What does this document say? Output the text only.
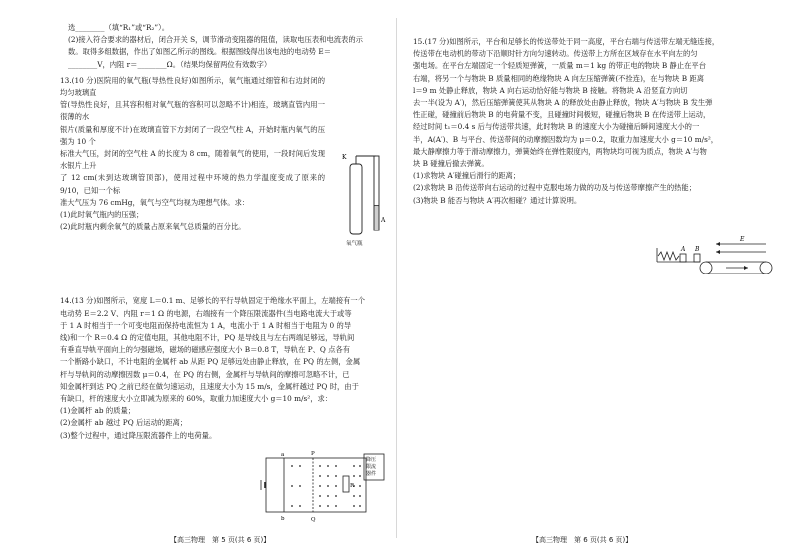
选________（填“R₁”或“R₂”）。

(2)接入符合要求的器材后，闭合开关 S，调节滑动变阻器的阻值，读取电压表和电流表的示

数。取得多组数据，作出了如图乙所示的图线。根据图线得出该电池的电动势 E＝

________V，内阻 r＝________Ω。（结果均保留两位有效数字）

13.(10 分)医院用的氧气瓶(导热性良好)如图所示，氧气瓶通过细管和右边封闭的均匀玻璃直

管(导热性良好，且其容积相对氧气瓶的容积可以忽略不计)相连，玻璃直管内用一很薄的水

银片(质量和厚度不计)在玻璃直管下方封闭了一段空气柱 A，开始时瓶内氧气的压强为 10 个

标准大气压，封闭的空气柱 A 的长度为 8 cm，随着氧气的使用，一段时间后发现水银片上升

了 12 cm(未到达玻璃管顶部)，使用过程中环境的热力学温度变成了原来的 9/10，已知一个标

准大气压为 76 cmHg，氧气与空气均视为理想气体。求：

(1)此时氧气瓶内的压强；

(2)此时瓶内剩余氧气的质量占原来氧气总质量的百分比。

14.(13 分)如图所示，宽度 L＝0.1 m、足够长的平行导轨固定于绝缘水平面上，左端接有一个

电动势 E＝2.2 V、内阻 r＝1 Ω 的电源，右端接有一个降压限流器件(当电路电流大于或等

于 1 A 时相当于一个可变电阻而保持电流恒为 1 A，电流小于 1 A 时相当于电阻为 0 的导

线)和一个 R＝0.4 Ω 的定值电阻，其他电阻不计，PQ 是导线且与左右两端足够远，导轨间

有垂直导轨平面向上的匀强磁场，磁场的磁感应强度大小 B＝0.8 T，导轨在 P、Q 点各有

一个断路小缺口，不计电阻的金属杆 ab 从距 PQ 足够远处由静止释放，在 PQ 的左侧，金属

杆与导轨间的动摩擦因数 μ＝0.4，在 PQ 的右侧，金属杆与导轨间的摩擦可忽略不计，已

知金属杆到达 PQ 之前已经在做匀速运动，且速度大小为 15 m/s，金属杆越过 PQ 时，由于

有缺口，杆的速度大小立即减为原来的 60%，取重力加速度大小 g＝10 m/s²，求：

(1)金属杆 ab 的质量；

(2)金属杆 ab 越过 PQ 后运动的距离；

(3)整个过程中，通过降压限流器件上的电荷量。

K
A
氧气瓶
a
b
P
Q
R
降压
限流
器件
【高三物理　第 5 页(共 6 页)】

15.(17 分)如图所示，平台和足够长的传送带处于同一高度，平台右端与传送带左端无缝连接，

传送带在电动机的带动下沿顺时针方向匀速转动。传送带上方所在区域存在水平向左的匀

强电场。在平台左端固定一个轻质短弹簧，一质量 m＝1 kg 的带正电的物块 B 静止在平台

右端，将另一个与物块 B 质量相同的绝缘物块 A 向左压缩弹簧(不拴连)，在与物块 B 距离

l＝9 m 处静止释放，物块 A 向右运动恰好能与物块 B 接触。将物块 A 沿竖直方向切

去一半(设为 A′)，然后压缩弹簧使其从物块 A 的释放处由静止释放，物块 A′与物块 B 发生弹

性正碰，碰撞前后物块 B 的电荷量不变，且碰撞时间极短，碰撞后物块 B 在传送带上运动，

经过时间 t₁＝0.4 s 后与传送带共速，此时物块 B 的速度大小为碰撞后瞬间速度大小的一

半，A(A′)、B 与平台、传送带间的动摩擦因数均为 μ＝0.2，取重力加速度大小 g＝10 m/s²，

最大静摩擦力等于滑动摩擦力，弹簧始终在弹性限度内，两物块均可视为质点，物块 A′与物

块 B 碰撞后撤去弹簧。

(1)求物块 A′碰撞后滑行的距离；

(2)求物块 B 沿传送带向右运动的过程中克服电场力做的功及与传送带摩擦产生的热能；

(3)物块 B 能否与物块 A′再次相碰？通过计算说明。

A B
E
【高三物理　第 6 页(共 6 页)】
